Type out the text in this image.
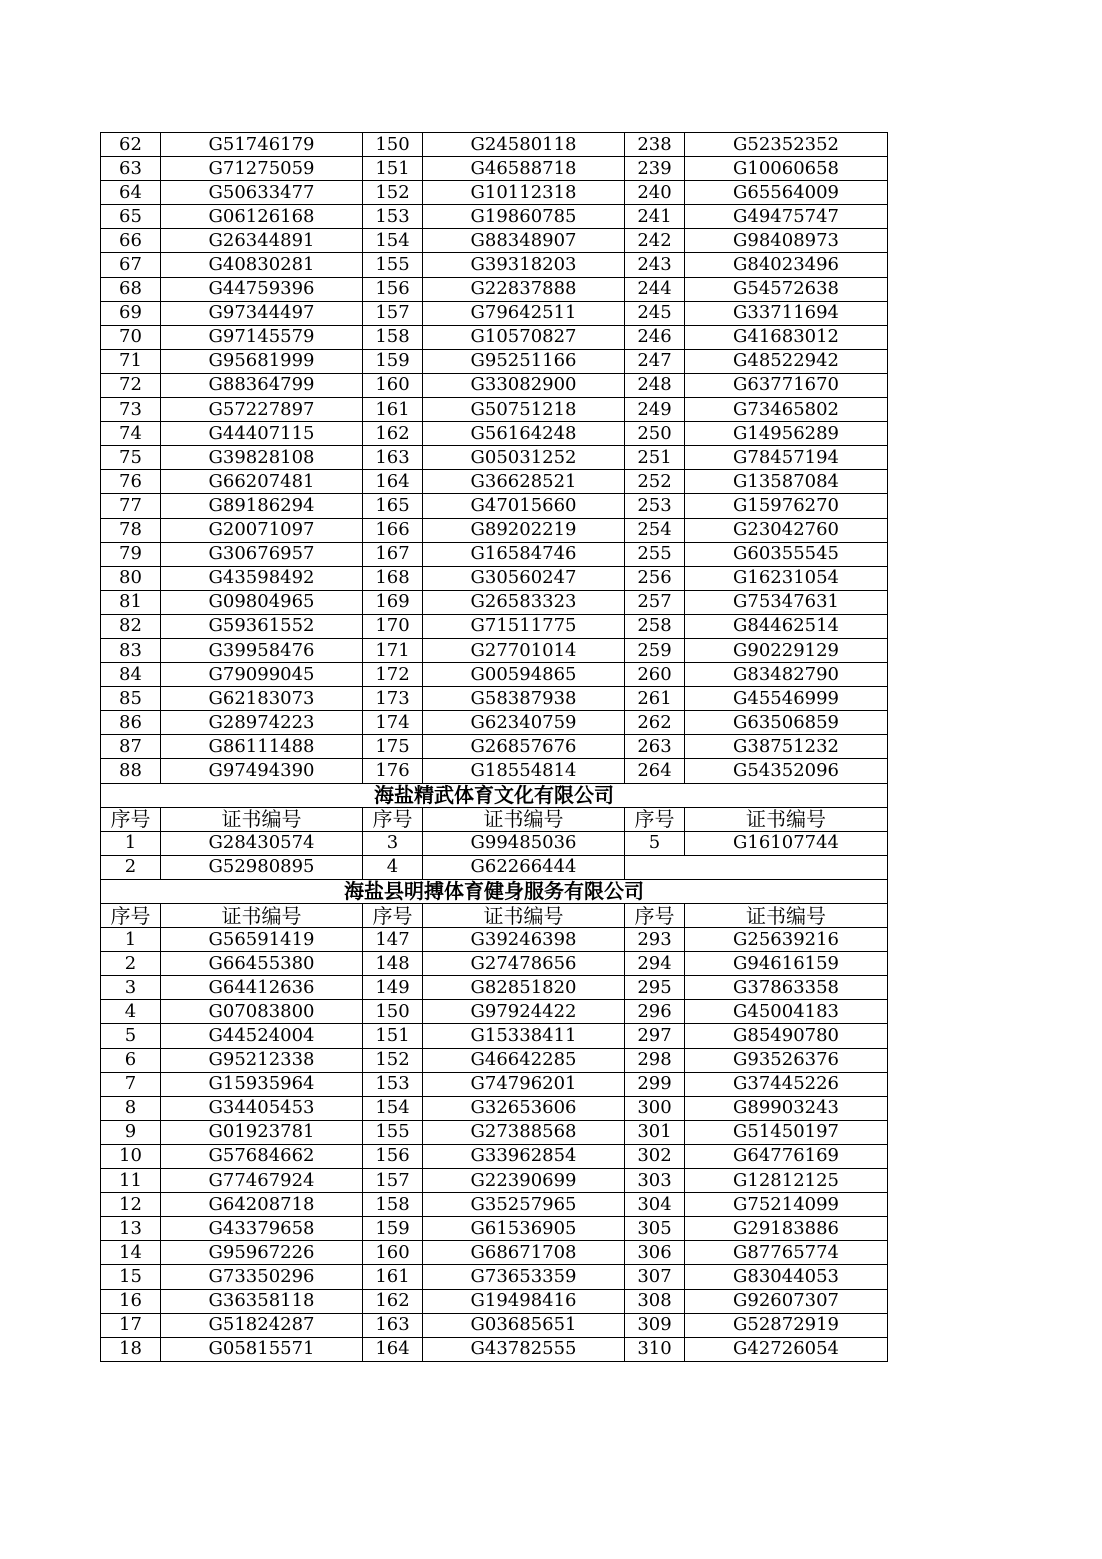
62	G51746179	150	G24580118	238	G52352352
63	G71275059	151	G46588718	239	G10060658
64	G50633477	152	G10112318	240	G65564009
65	G06126168	153	G19860785	241	G49475747
66	G26344891	154	G88348907	242	G98408973
67	G40830281	155	G39318203	243	G84023496
68	G44759396	156	G22837888	244	G54572638
69	G97344497	157	G79642511	245	G33711694
70	G97145579	158	G10570827	246	G41683012
71	G95681999	159	G95251166	247	G48522942
72	G88364799	160	G33082900	248	G63771670
73	G57227897	161	G50751218	249	G73465802
74	G44407115	162	G56164248	250	G14956289
75	G39828108	163	G05031252	251	G78457194
76	G66207481	164	G36628521	252	G13587084
77	G89186294	165	G47015660	253	G15976270
78	G20071097	166	G89202219	254	G23042760
79	G30676957	167	G16584746	255	G60355545
80	G43598492	168	G30560247	256	G16231054
81	G09804965	169	G26583323	257	G75347631
82	G59361552	170	G71511775	258	G84462514
83	G39958476	171	G27701014	259	G90229129
84	G79099045	172	G00594865	260	G83482790
85	G62183073	173	G58387938	261	G45546999
86	G28974223	174	G62340759	262	G63506859
87	G86111488	175	G26857676	263	G38751232
88	G97494390	176	G18554814	264	G54352096
海盐精武体育文化有限公司					
序号	证书编号	序号	证书编号	序号	证书编号
1	G28430574	3	G99485036	5	G16107744
2	G52980895	4	G62266444		
海盐县明搏体育健身服务有限公司					
序号	证书编号	序号	证书编号	序号	证书编号
1	G56591419	147	G39246398	293	G25639216
2	G66455380	148	G27478656	294	G94616159
3	G64412636	149	G82851820	295	G37863358
4	G07083800	150	G97924422	296	G45004183
5	G44524004	151	G15338411	297	G85490780
6	G95212338	152	G46642285	298	G93526376
7	G15935964	153	G74796201	299	G37445226
8	G34405453	154	G32653606	300	G89903243
9	G01923781	155	G27388568	301	G51450197
10	G57684662	156	G33962854	302	G64776169
11	G77467924	157	G22390699	303	G12812125
12	G64208718	158	G35257965	304	G75214099
13	G43379658	159	G61536905	305	G29183886
14	G95967226	160	G68671708	306	G87765774
15	G73350296	161	G73653359	307	G83044053
16	G36358118	162	G19498416	308	G92607307
17	G51824287	163	G03685651	309	G52872919
18	G05815571	164	G43782555	310	G42726054
